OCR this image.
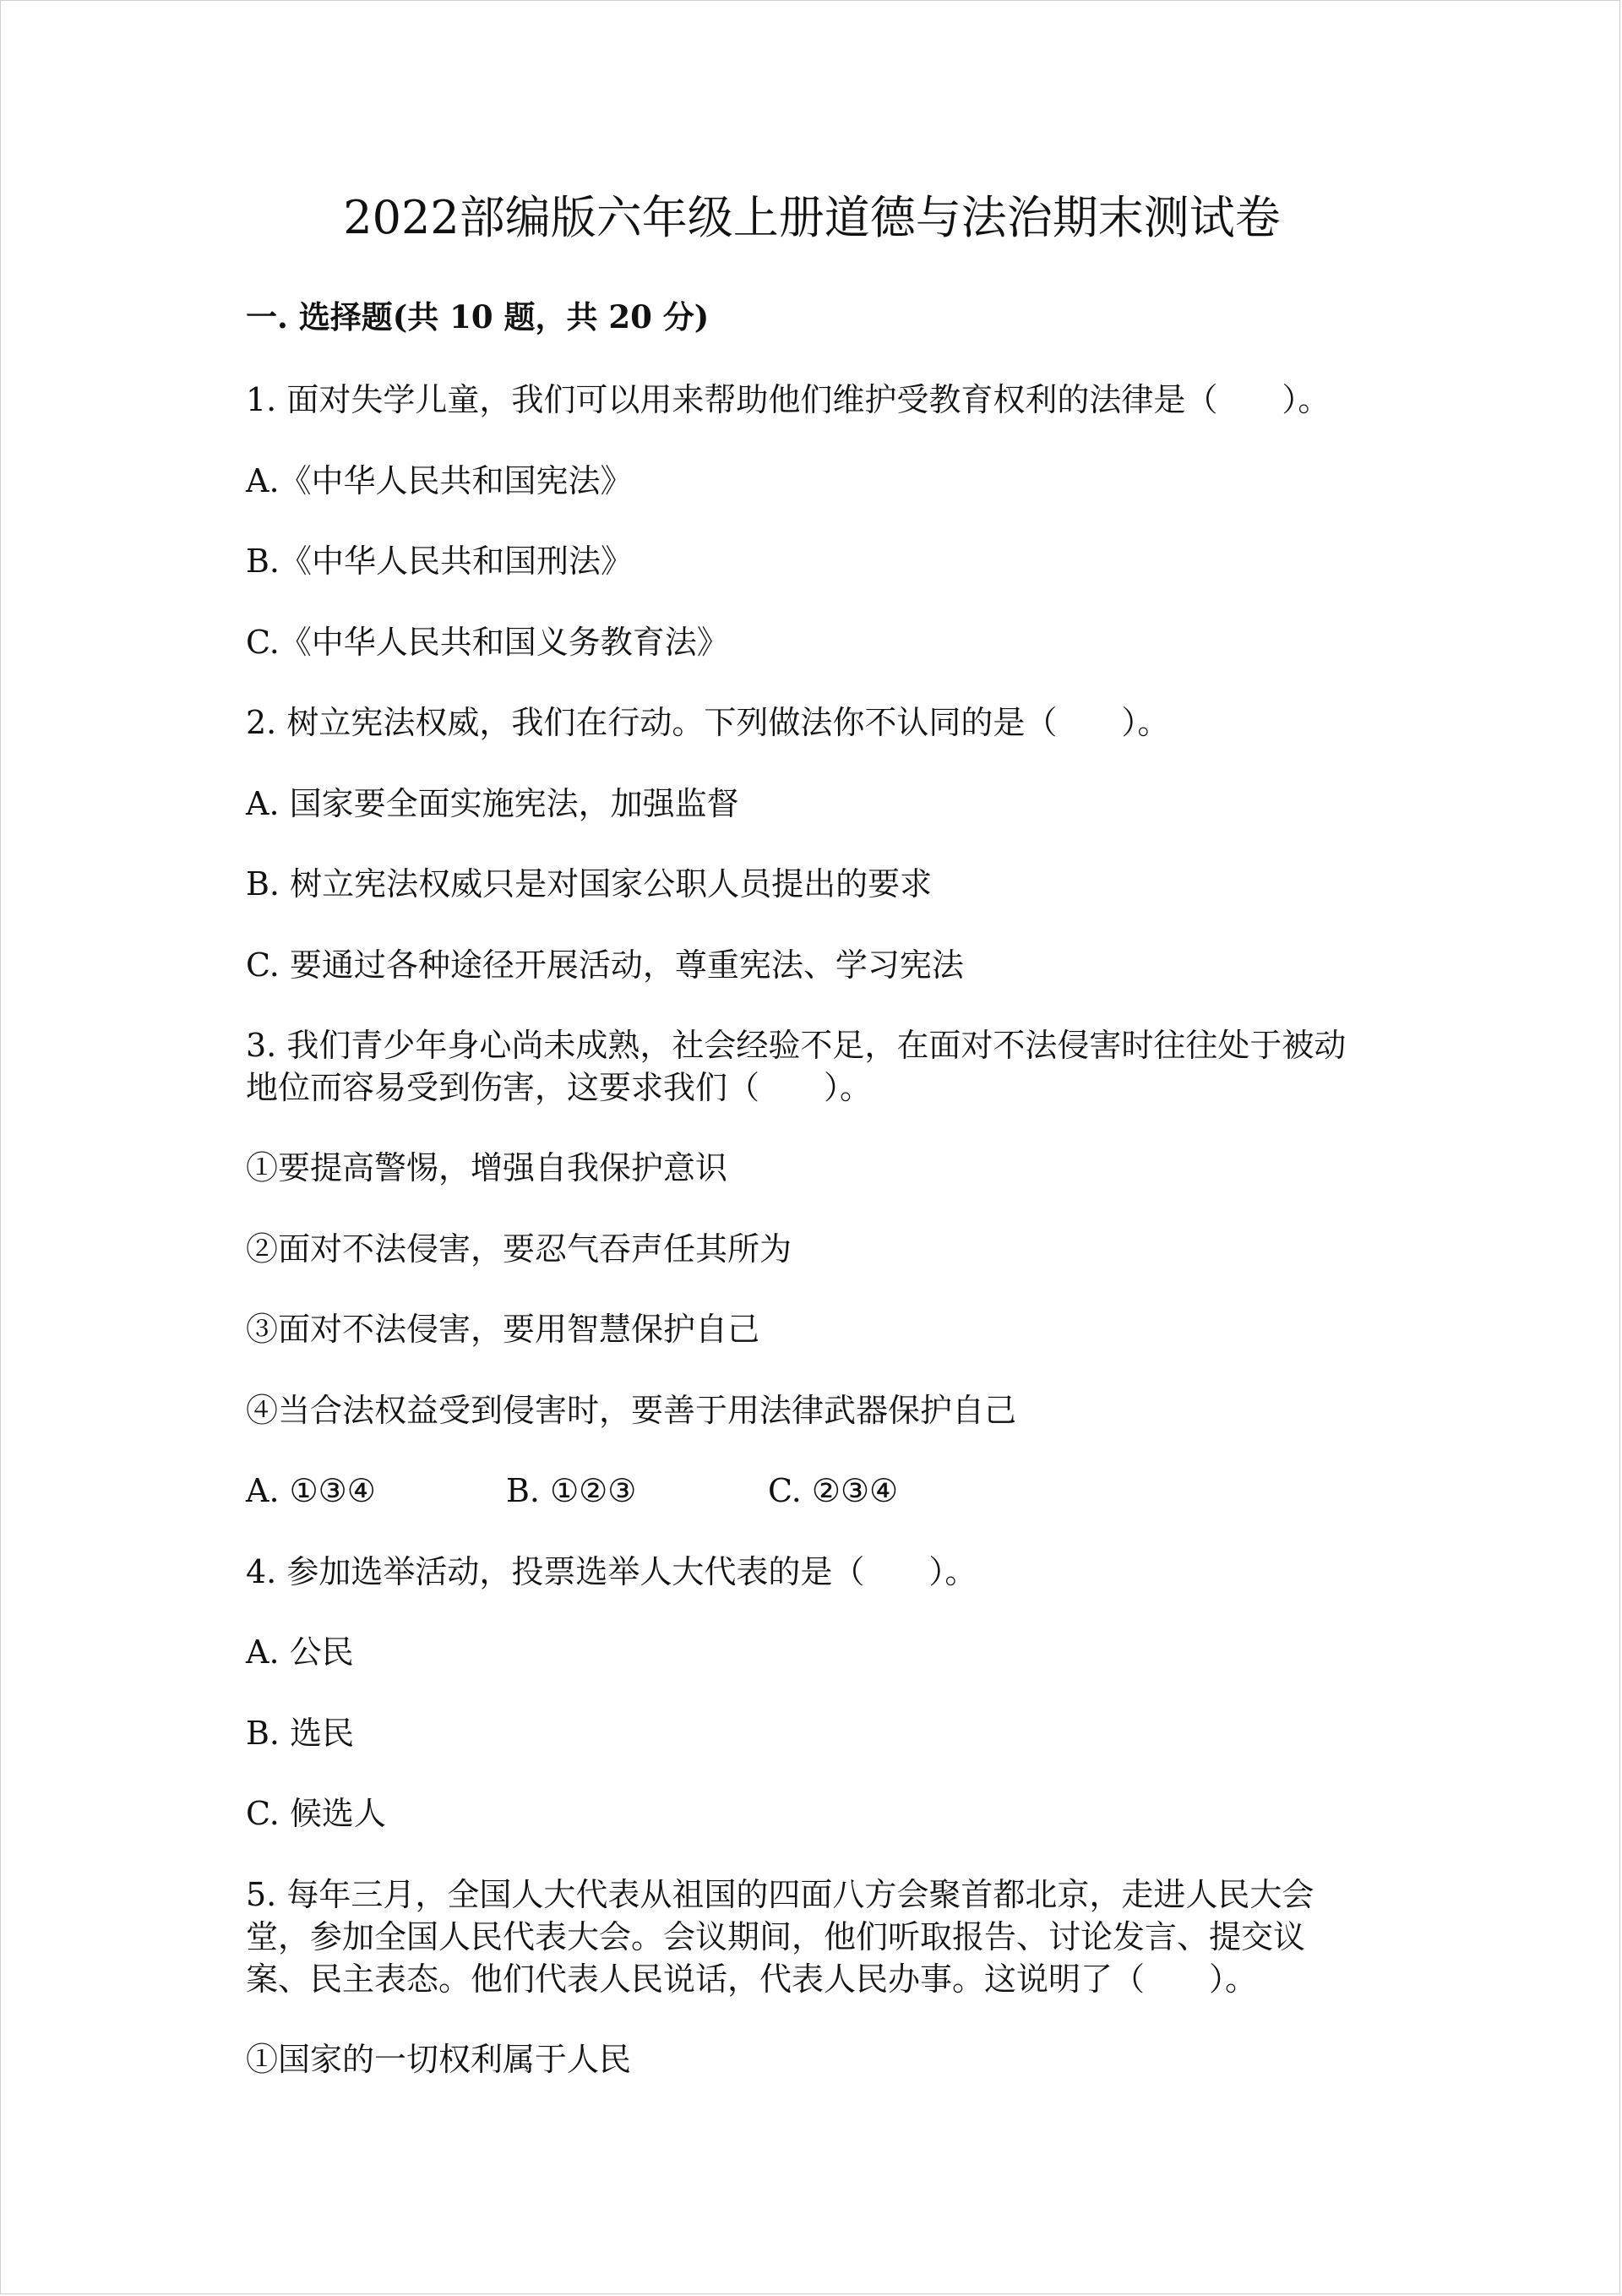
2022部编版六年级上册道德与法治期末测试卷
一. 选择题(共 10 题，共 20 分)

1. 面对失学儿童，我们可以用来帮助他们维护受教育权利的法律是（　　）。

A.《中华人民共和国宪法》

B.《中华人民共和国刑法》

C.《中华人民共和国义务教育法》

2. 树立宪法权威，我们在行动。下列做法你不认同的是（　　）。

A. 国家要全面实施宪法，加强监督

B. 树立宪法权威只是对国家公职人员提出的要求

C. 要通过各种途径开展活动，尊重宪法、学习宪法

3. 我们青少年身心尚未成熟，社会经验不足，在面对不法侵害时往往处于被动

地位而容易受到伤害，这要求我们（　　）。

①要提高警惕，增强自我保护意识

②面对不法侵害，要忍气吞声任其所为

③面对不法侵害，要用智慧保护自己

④当合法权益受到侵害时，要善于用法律武器保护自己

A. ①③④	B. ①②③	C. ②③④

4. 参加选举活动，投票选举人大代表的是（　　）。

A. 公民

B. 选民

C. 候选人

5. 每年三月，全国人大代表从祖国的四面八方会聚首都北京，走进人民大会

堂，参加全国人民代表大会。会议期间，他们听取报告、讨论发言、提交议

案、民主表态。他们代表人民说话，代表人民办事。这说明了（　　）。

①国家的一切权利属于人民
